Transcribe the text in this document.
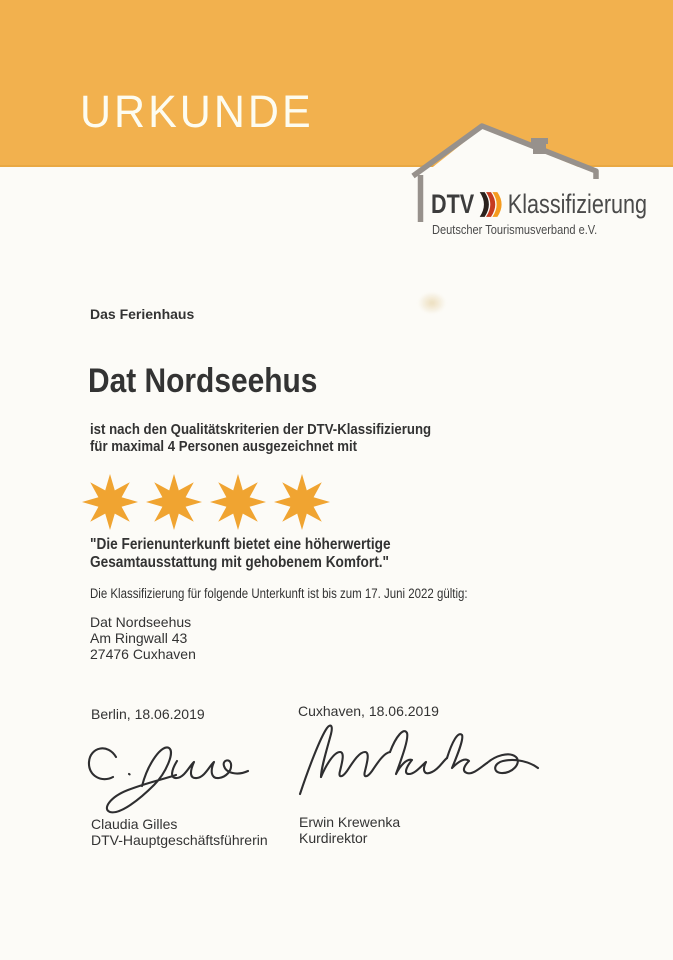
URKUNDE
DTV Klassifizierung
Deutscher Tourismusverband e.V.
Das Ferienhaus
Dat Nordseehus
ist nach den Qualitätskriterien der DTV-Klassifizierung
für maximal 4 Personen ausgezeichnet mit
"Die Ferienunterkunft bietet eine höherwertige
Gesamtausstattung mit gehobenem Komfort."
Die Klassifizierung für folgende Unterkunft ist bis zum 17. Juni 2022 gültig:
Dat Nordseehus
Am Ringwall 43
27476 Cuxhaven
Berlin, 18.06.2019	Cuxhaven, 18.06.2019
Claudia Gilles
DTV-Hauptgeschäftsführerin
Erwin Krewenka
Kurdirektor
